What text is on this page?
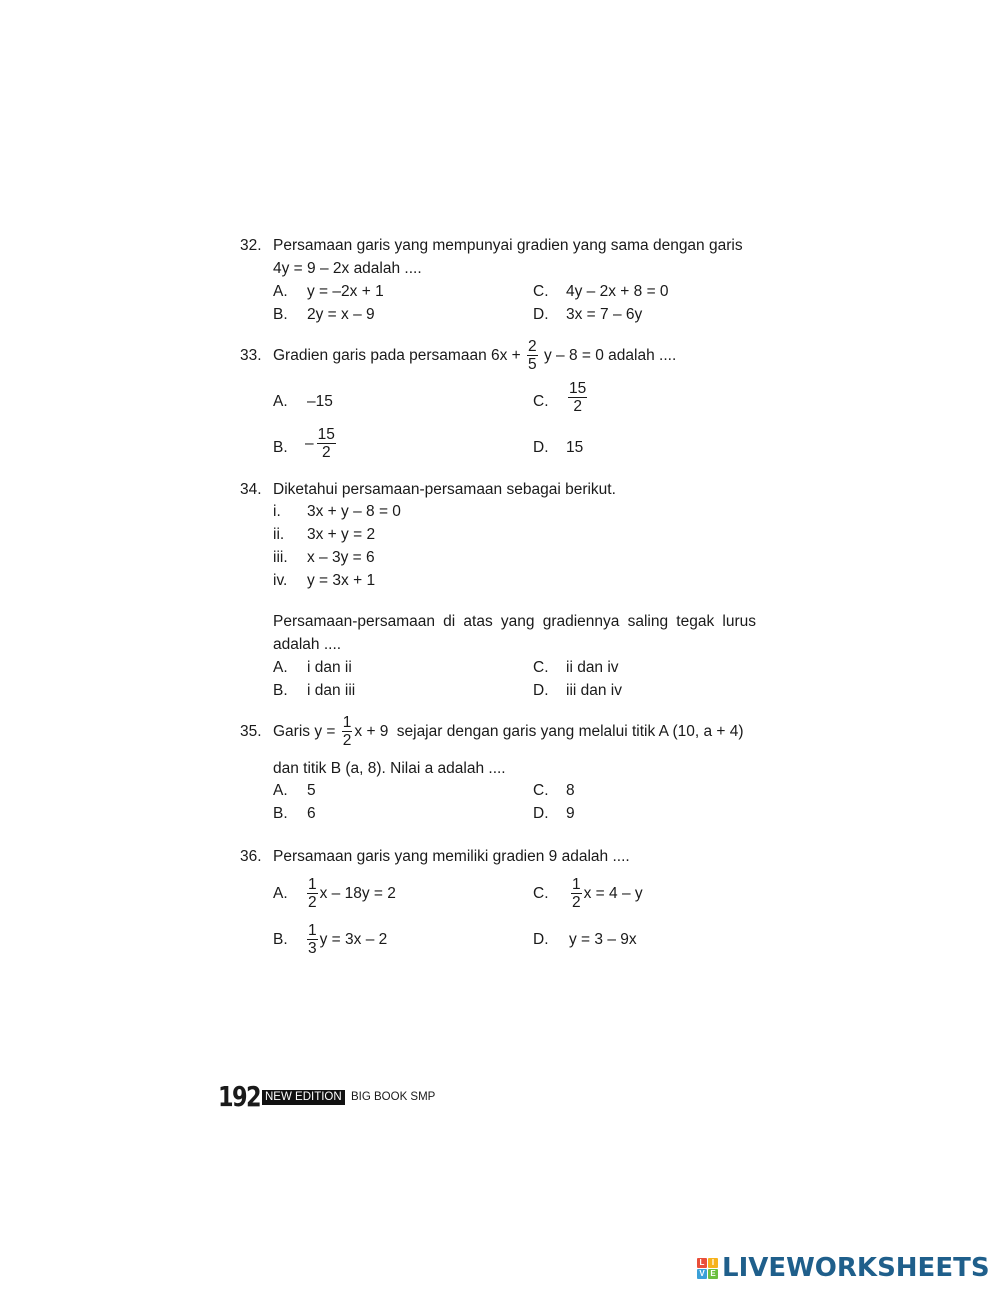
32. Persamaan garis yang mempunyai gradien yang sama dengan garis
4y = 9 – 2x adalah ....
A. y = –2x + 1
B. 2y = x – 9
C. 4y – 2x + 8 = 0
D. 3x = 7 – 6y
33. Gradien garis pada persamaan $6x + \frac{2}{5}$ y – 8 = 0 adalah ....
A. –15	C. $\frac{15}{2}$
B. – $\frac{15}{2}$	D. 15
34. Diketahui persamaan-persamaan sebagai berikut.
i. 3x + y – 8 = 0
ii. 3x + y = 2
iii. x – 3y = 6
iv. y = 3x + 1
Persamaan-persamaan di atas yang gradiennya saling tegak lurus
adalah ....
A. i dan ii
B. i dan iii
C. ii dan iv
D. iii dan iv
35. Garis $y = \frac{1}{2}$ x + 9 sejajar dengan garis yang melalui titik A (10, a + 4)
dan titik B (a, 8). Nilai a adalah ....
A. 5
B. 6
C. 8
D. 9
36. Persamaan garis yang memiliki gradien 9 adalah ....
A. $\frac{1}{2}$ x – 18y = 2	C. $\frac{1}{2}$ x = 4 – y
B. $\frac{1}{3}$ y = 3x – 2	D. y = 3 – 9x
192 NEW EDITION BIG BOOK SMP
L I
V E LIVEWORKSHEETS
